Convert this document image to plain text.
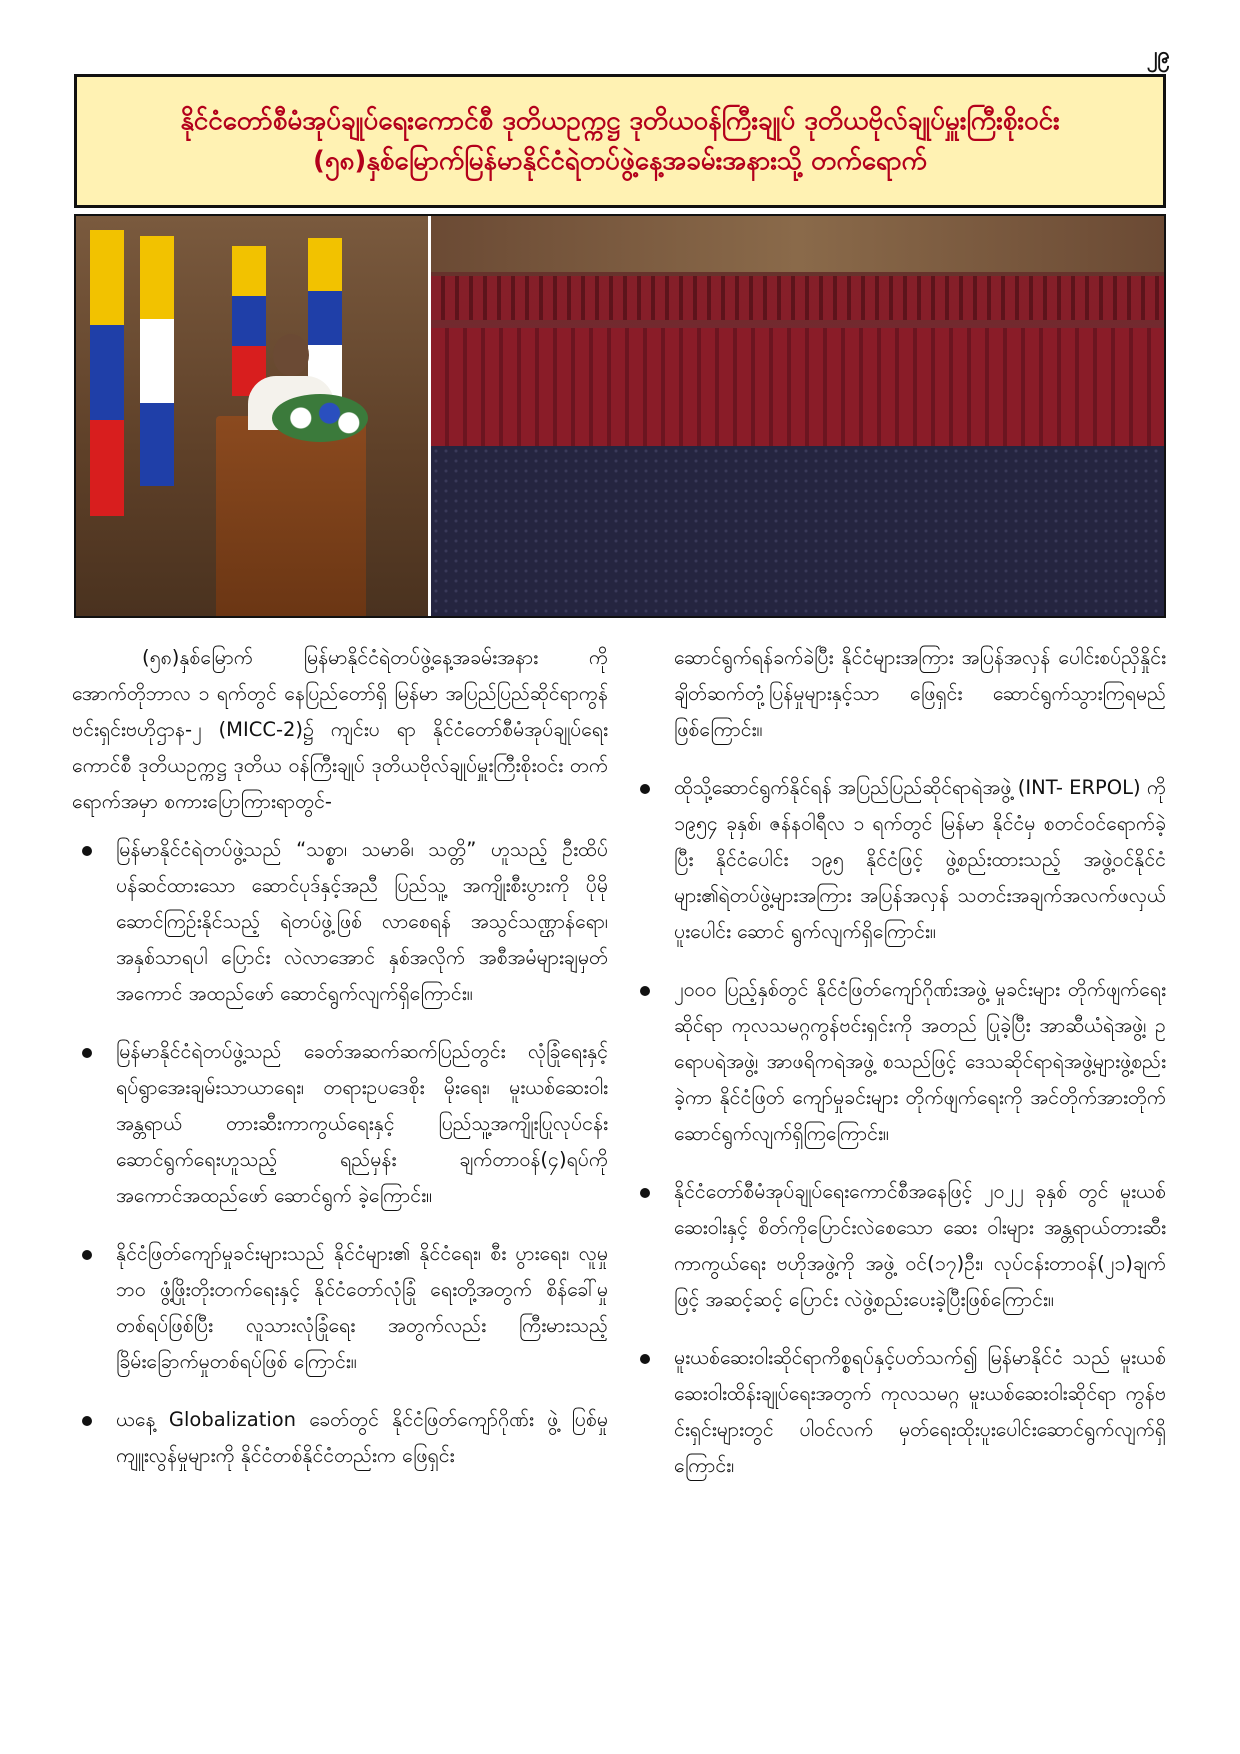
၂၉
နိုင်ငံတော်စီမံအုပ်ချုပ်ရေးကောင်စီ ဒုတိယဥက္ကဋ္ဌ ဒုတိယဝန်ကြီးချုပ် ဒုတိယဗိုလ်ချုပ်မှူးကြီးစိုးဝင်း
(၅၈)နှစ်မြောက်မြန်မာနိုင်ငံရဲတပ်ဖွဲ့နေ့အခမ်းအနားသို့ တက်ရောက်

(၅၈)နှစ်မြောက် မြန်မာနိုင်ငံရဲတပ်ဖွဲ့နေ့အခမ်းအနား ကို အောက်တိုဘာလ ၁ ရက်တွင် နေပြည်တော်ရှိ မြန်မာ အပြည်ပြည်ဆိုင်ရာကွန်ဗင်းရှင်းဗဟိုဌာန-၂ (MICC-2)၌ ကျင်းပ ရာ နိုင်ငံတော်စီမံအုပ်ချုပ်ရေးကောင်စီ ဒုတိယဥက္ကဋ္ဌ ဒုတိယ ဝန်ကြီးချုပ် ဒုတိယဗိုလ်ချုပ်မှူးကြီးစိုးဝင်း တက်ရောက်အမှာ စကားပြောကြားရာတွင်-

မြန်မာနိုင်ငံရဲတပ်ဖွဲ့သည် “သစ္စာ၊ သမာဓိ၊ သတ္တိ” ဟူသည့် ဦးထိပ်ပန်ဆင်ထားသော ဆောင်ပုဒ်နှင့်အညီ ပြည်သူ့ အကျိုးစီးပွားကို ပိုမိုဆောင်ကြဉ်းနိုင်သည့် ရဲတပ်ဖွဲ့ဖြစ် လာစေရန် အသွင်သဏ္ဌာန်ရော၊ အနှစ်သာရပါ ပြောင်း လဲလာအောင် နှစ်အလိုက် အစီအမံများချမှတ်အကောင် အထည်ဖော် ဆောင်ရွက်လျက်ရှိကြောင်း။
မြန်မာနိုင်ငံရဲတပ်ဖွဲ့သည် ခေတ်အဆက်ဆက်ပြည်တွင်း လုံခြုံရေးနှင့် ရပ်ရွာအေးချမ်းသာယာရေး၊ တရားဥပဒေစိုး မိုးရေး၊ မူးယစ်ဆေးဝါးအန္တရာယ် တားဆီးကာကွယ်ရေးနှင့် ပြည်သူ့အကျိုးပြုလုပ်ငန်းဆောင်ရွက်ရေးဟူသည့် ရည်မှန်း ချက်တာဝန်(၄)ရပ်ကို အကောင်အထည်ဖော် ဆောင်ရွက် ခဲ့ကြောင်း။
နိုင်ငံဖြတ်ကျော်မှုခင်းများသည် နိုင်ငံများ၏ နိုင်ငံရေး၊ စီး ပွားရေး၊ လူမှုဘဝ ဖွံ့ဖြိုးတိုးတက်ရေးနှင့် နိုင်ငံတော်လုံခြုံ ရေးတို့အတွက် စိန်ခေါ်မှုတစ်ရပ်ဖြစ်ပြီး လူသားလုံခြုံရေး အတွက်လည်း ကြီးမားသည့် ခြိမ်းခြောက်မှုတစ်ရပ်ဖြစ် ကြောင်း။
ယနေ့ Globalization ခေတ်တွင် နိုင်ငံဖြတ်ကျော်ဂိုဏ်း ဖွဲ့ ပြစ်မှုကျူးလွန်မှုများကို နိုင်ငံတစ်နိုင်ငံတည်းက ဖြေရှင်း
ဆောင်ရွက်ရန်ခက်ခဲပြီး နိုင်ငံများအကြား အပြန်အလှန် ပေါင်းစပ်ညှိနှိုင်း ချိတ်ဆက်တုံ့ပြန်မှုများနှင့်သာ ဖြေရှင်း ဆောင်ရွက်သွားကြရမည်ဖြစ်ကြောင်း။
ထိုသို့ဆောင်ရွက်နိုင်ရန် အပြည်ပြည်ဆိုင်ရာရဲအဖွဲ့ (INT- ERPOL) ကို ၁၉၅၄ ခုနှစ်၊ ဇန်နဝါရီလ ၁ ရက်တွင် မြန်မာ နိုင်ငံမှ စတင်ဝင်ရောက်ခဲ့ပြီး နိုင်ငံပေါင်း ၁၉၅ နိုင်ငံဖြင့် ဖွဲ့စည်းထားသည့် အဖွဲ့ဝင်နိုင်ငံများ၏ရဲတပ်ဖွဲ့များအကြား အပြန်အလှန် သတင်းအချက်အလက်ဖလှယ်ပူးပေါင်း ဆောင် ရွက်လျက်ရှိကြောင်း။
၂၀၀၀ ပြည့်နှစ်တွင် နိုင်ငံဖြတ်ကျော်ဂိုဏ်းအဖွဲ့ မှုခင်းများ တိုက်ဖျက်ရေးဆိုင်ရာ ကုလသမဂ္ဂကွန်ဗင်းရှင်းကို အတည် ပြုခဲ့ပြီး အာဆီယံရဲအဖွဲ့၊ ဥရောပရဲအဖွဲ့၊ အာဖရိကရဲအဖွဲ့ စသည်ဖြင့် ဒေသဆိုင်ရာရဲအဖွဲ့များဖွဲ့စည်းခဲ့ကာ နိုင်ငံဖြတ် ကျော်မှုခင်းများ တိုက်ဖျက်ရေးကို အင်တိုက်အားတိုက် ဆောင်ရွက်လျက်ရှိကြကြောင်း။
နိုင်ငံတော်စီမံအုပ်ချုပ်ရေးကောင်စီအနေဖြင့် ၂၀၂၂ ခုနှစ် တွင် မူးယစ်ဆေးဝါးနှင့် စိတ်ကိုပြောင်းလဲစေသော ဆေး ဝါးများ အန္တရာယ်တားဆီးကာကွယ်ရေး ဗဟိုအဖွဲ့ကို အဖွဲ့ ဝင်(၁၇)ဦး၊ လုပ်ငန်းတာဝန်(၂၁)ချက်ဖြင့် အဆင့်ဆင့် ပြောင်း လဲဖွဲ့စည်းပေးခဲ့ပြီးဖြစ်ကြောင်း။
မူးယစ်ဆေးဝါးဆိုင်ရာကိစ္စရပ်နှင့်ပတ်သက်၍ မြန်မာနိုင်ငံ သည် မူးယစ်ဆေးဝါးထိန်းချုပ်ရေးအတွက် ကုလသမဂ္ဂ မူးယစ်ဆေးဝါးဆိုင်ရာ ကွန်ဗင်းရှင်းများတွင် ပါဝင်လက် မှတ်ရေးထိုးပူးပေါင်းဆောင်ရွက်လျက်ရှိကြောင်း၊
